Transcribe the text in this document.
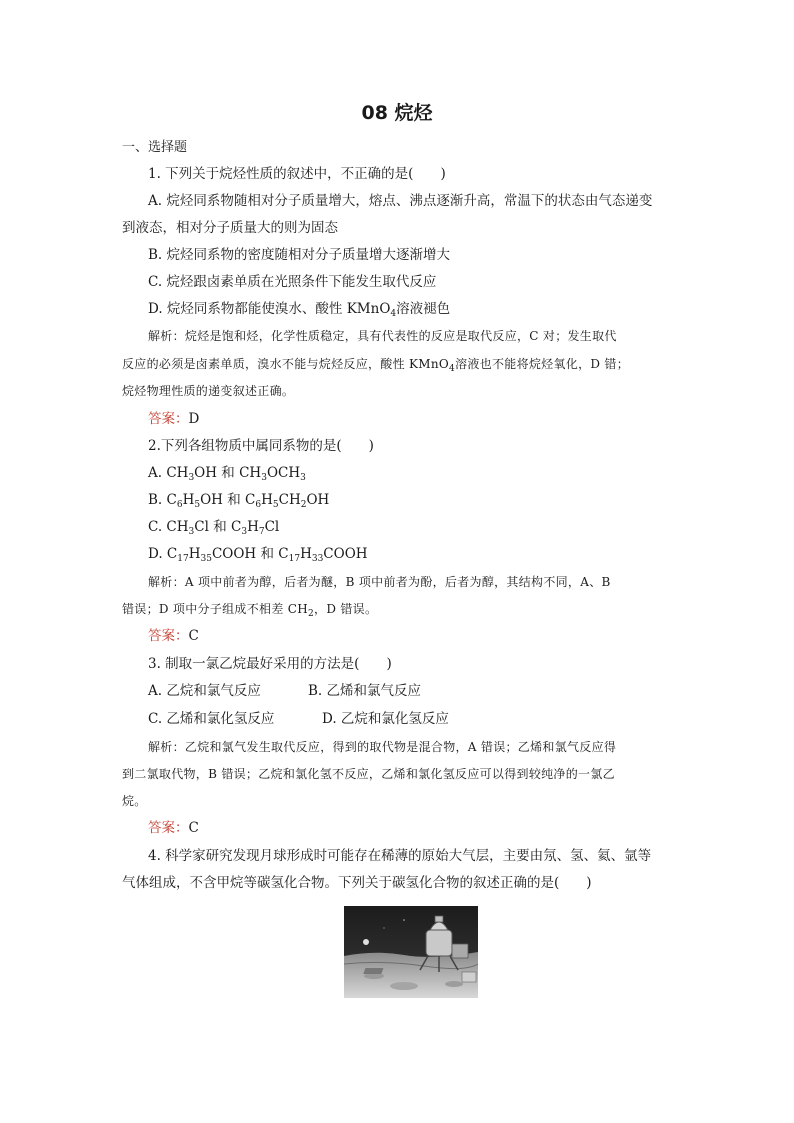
08 烷烃
一、选择题
1. 下列关于烷烃性质的叙述中，不正确的是(　　)
A. 烷烃同系物随相对分子质量增大，熔点、沸点逐渐升高，常温下的状态由气态递变
到液态，相对分子质量大的则为固态
B. 烷烃同系物的密度随相对分子质量增大逐渐增大
C. 烷烃跟卤素单质在光照条件下能发生取代反应
D. 烷烃同系物都能使溴水、酸性 KMnO$_4$溶液褪色
解析：烷烃是饱和烃，化学性质稳定，具有代表性的反应是取代反应，C 对；发生取代
反应的必须是卤素单质，溴水不能与烷烃反应，酸性 KMnO$_4$溶液也不能将烷烃氧化，D 错；
烷烃物理性质的递变叙述正确。
答案：D
2.下列各组物质中属同系物的是(　　)
A. $CH_3OH$ 和 $CH_3OCH_3$
B. $C_6H_5OH$ 和 $C_6H_5CH_2OH$
C. $CH_3Cl$ 和 $C_3H_7Cl$
D. $C_{17}H_{35}COOH$ 和 $C_{17}H_{33}COOH$
解析：A 项中前者为醇，后者为醚，B 项中前者为酚，后者为醇，其结构不同，A、B
错误；D 项中分子组成不相差 $CH_2$，D 错误。
答案：C
3. 制取一氯乙烷最好采用的方法是(　　)
A. 乙烷和氯气反应	B. 乙烯和氯气反应
C. 乙烯和氯化氢反应	D. 乙烷和氯化氢反应
解析：乙烷和氯气发生取代反应，得到的取代物是混合物，A 错误；乙烯和氯气反应得
到二氯取代物，B 错误；乙烷和氯化氢不反应，乙烯和氯化氢反应可以得到较纯净的一氯乙
烷。
答案：C
4. 科学家研究发现月球形成时可能存在稀薄的原始大气层，主要由氖、氢、氦、氩等
气体组成，不含甲烷等碳氢化合物。下列关于碳氢化合物的叙述正确的是(　　)
